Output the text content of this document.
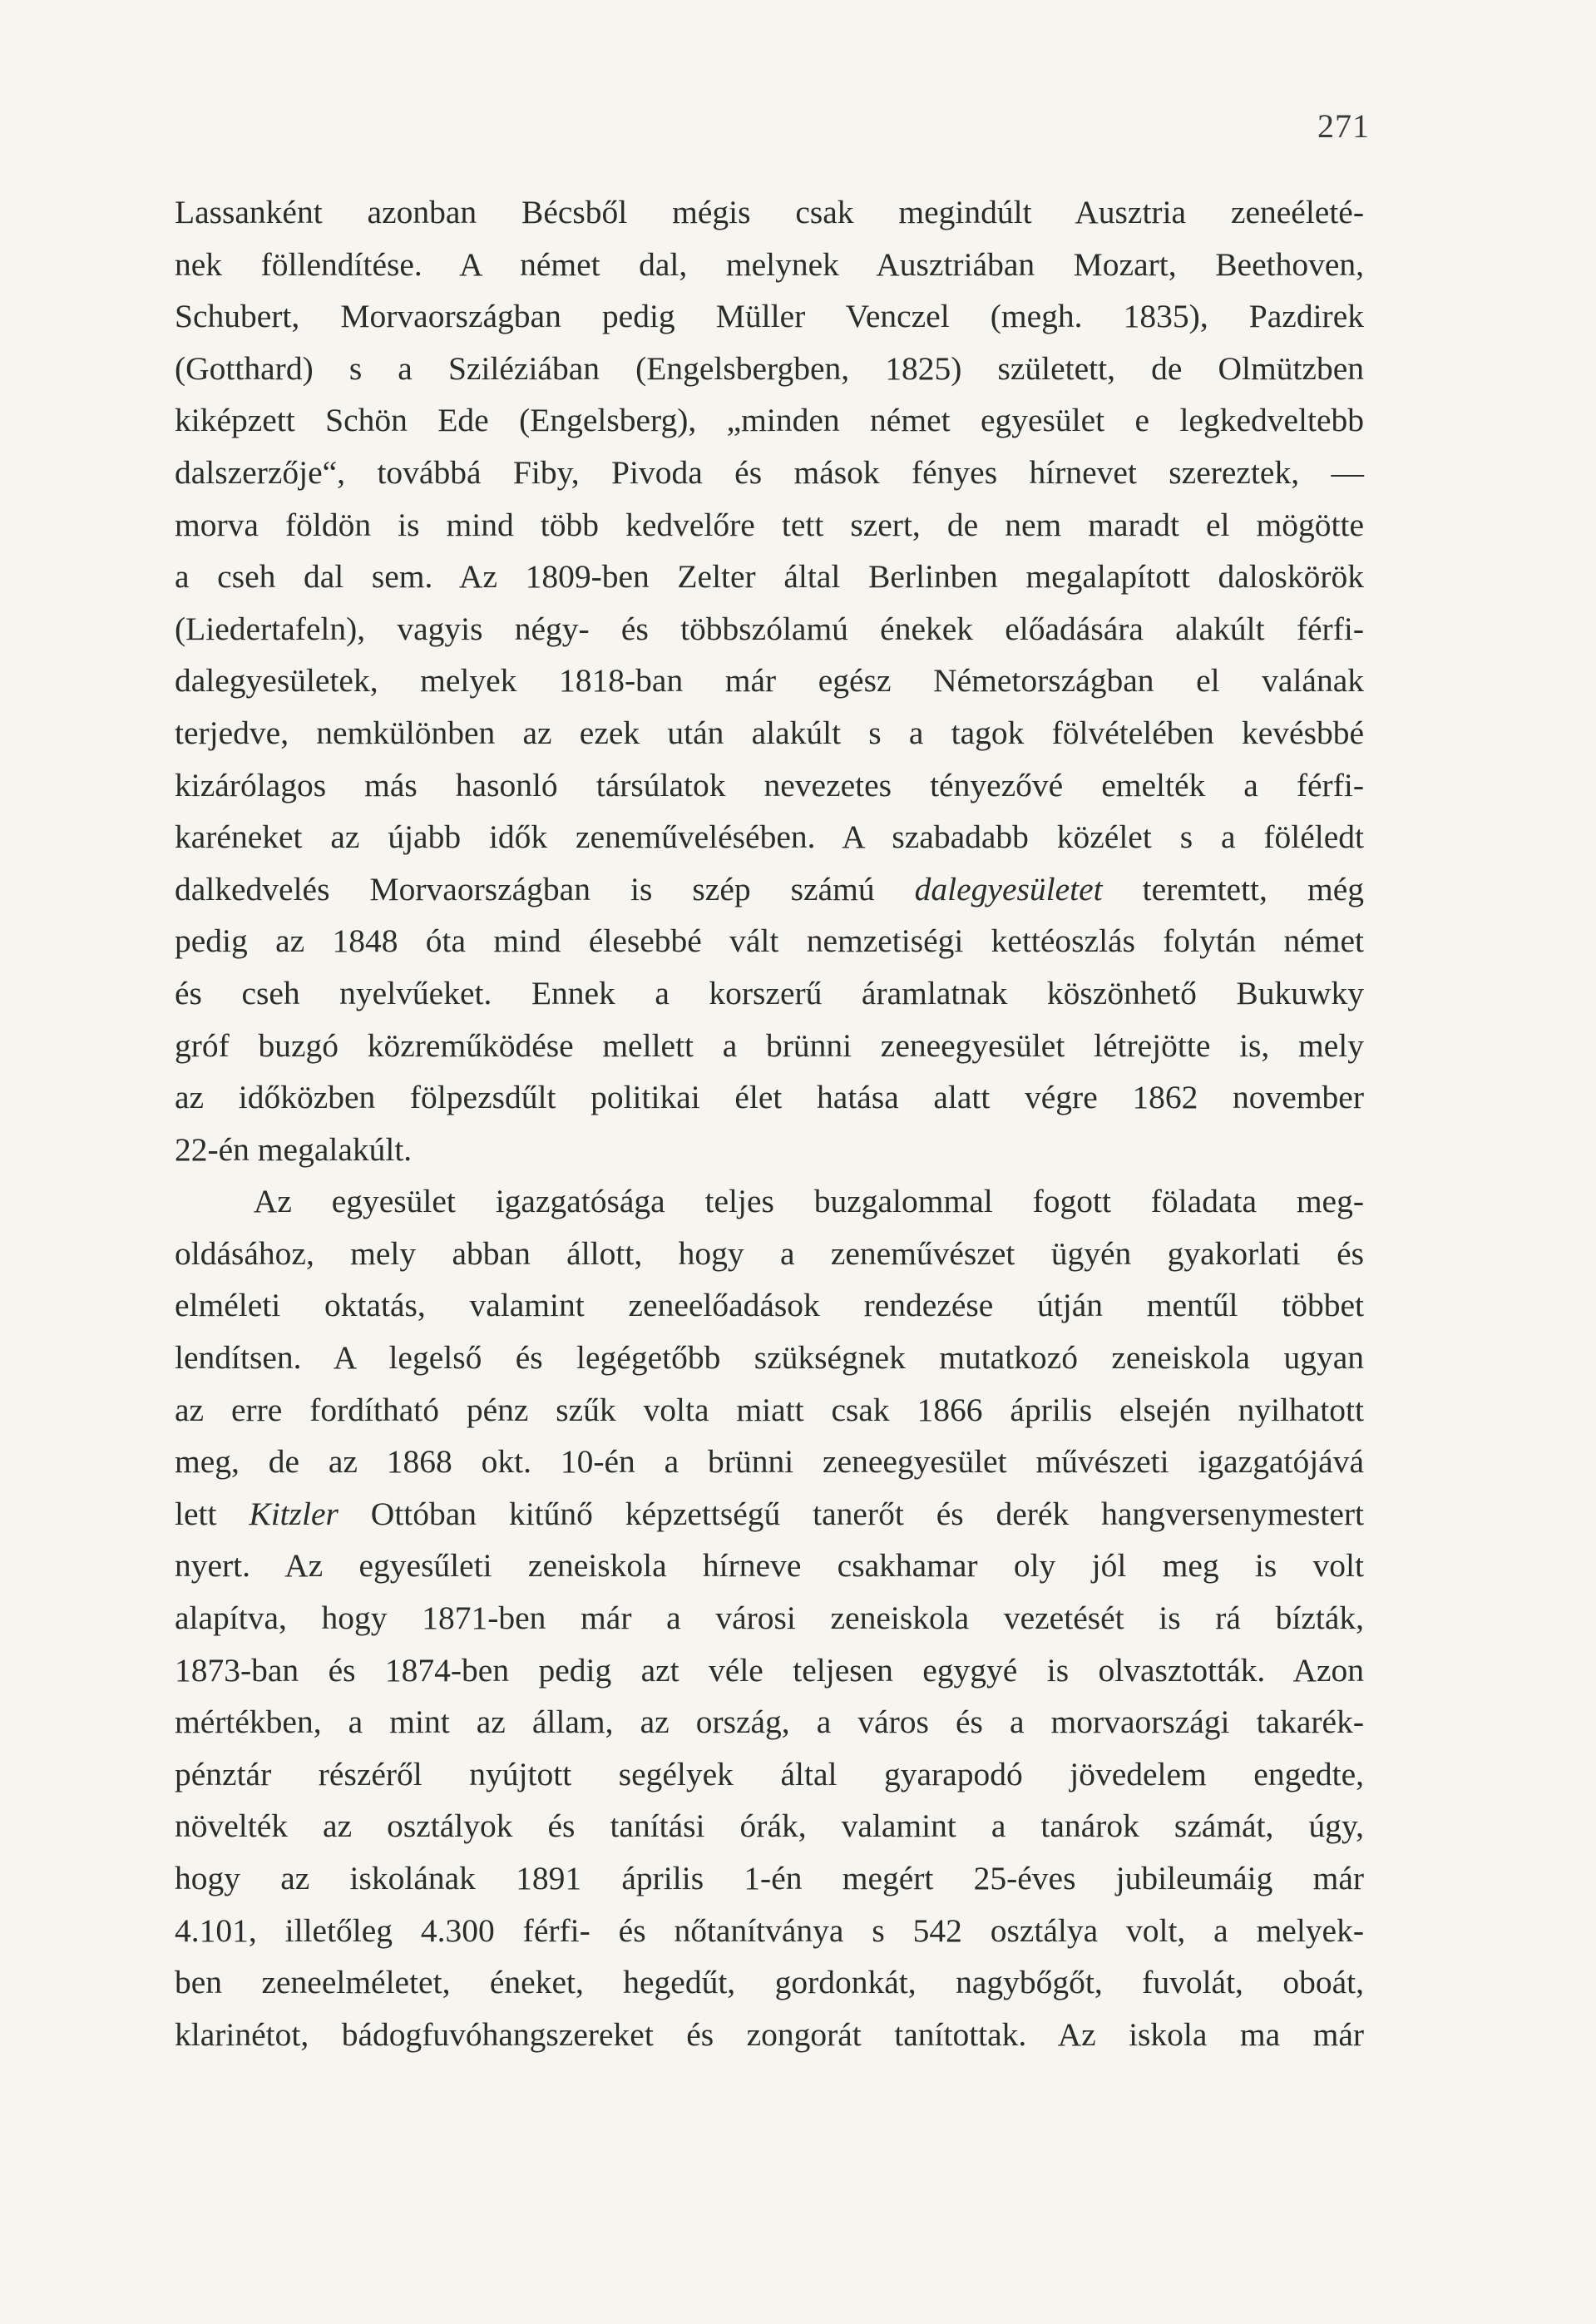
271

Lassanként azonban Bécsből mégis csak megindúlt Ausztria zeneéleté-
nek föllendítése. A német dal, melynek Ausztriában Mozart, Beethoven,
Schubert, Morvaországban pedig Müller Venczel (megh. 1835), Pazdirek
(Gotthard) s a Sziléziában (Engelsbergben, 1825) született, de Olmützben
kiképzett Schön Ede (Engelsberg), „minden német egyesület e legkedveltebb
dalszerzője“, továbbá Fiby, Pivoda és mások fényes hírnevet szereztek, —
morva földön is mind több kedvelőre tett szert, de nem maradt el mögötte
a cseh dal sem. Az 1809-ben Zelter által Berlinben megalapított daloskörök
(Liedertafeln), vagyis négy- és többszólamú énekek előadására alakúlt férfi-
dalegyesületek, melyek 1818-ban már egész Németországban el valának
terjedve, nemkülönben az ezek után alakúlt s a tagok fölvételében kevésbbé
kizárólagos más hasonló társúlatok nevezetes tényezővé emelték a férfi-
karéneket az újabb idők zeneművelésében. A szabadabb közélet s a föléledt
dalkedvelés Morvaországban is szép számú dalegyesületet teremtett, még
pedig az 1848 óta mind élesebbé vált nemzetiségi kettéoszlás folytán német
és cseh nyelvűeket. Ennek a korszerű áramlatnak köszönhető Bukuwky
gróf buzgó közreműködése mellett a brünni zeneegyesület létrejötte is, mely
az időközben fölpezsdűlt politikai élet hatása alatt végre 1862 november
22-én megalakúlt.

Az egyesület igazgatósága teljes buzgalommal fogott föladata meg-
oldásához, mely abban állott, hogy a zeneművészet ügyén gyakorlati és
elméleti oktatás, valamint zeneelőadások rendezése útján mentűl többet
lendítsen. A legelső és legégetőbb szükségnek mutatkozó zeneiskola ugyan
az erre fordítható pénz szűk volta miatt csak 1866 április elsején nyilhatott
meg, de az 1868 okt. 10-én a brünni zeneegyesület művészeti igazgatójává
lett Kitzler Ottóban kitűnő képzettségű tanerőt és derék hangversenymestert
nyert. Az egyesűleti zeneiskola hírneve csakhamar oly jól meg is volt
alapítva, hogy 1871-ben már a városi zeneiskola vezetését is rá bízták,
1873-ban és 1874-ben pedig azt véle teljesen egygyé is olvasztották. Azon
mértékben, a mint az állam, az ország, a város és a morvaországi takarék-
pénztár részéről nyújtott segélyek által gyarapodó jövedelem engedte,
növelték az osztályok és tanítási órák, valamint a tanárok számát, úgy,
hogy az iskolának 1891 április 1-én megért 25-éves jubileumáig már
4.101, illetőleg 4.300 férfi- és nőtanítványa s 542 osztálya volt, a melyek-
ben zeneelméletet, éneket, hegedűt, gordonkát, nagybőgőt, fuvolát, oboát,
klarinétot, bádogfuvóhangszereket és zongorát tanítottak. Az iskola ma már
